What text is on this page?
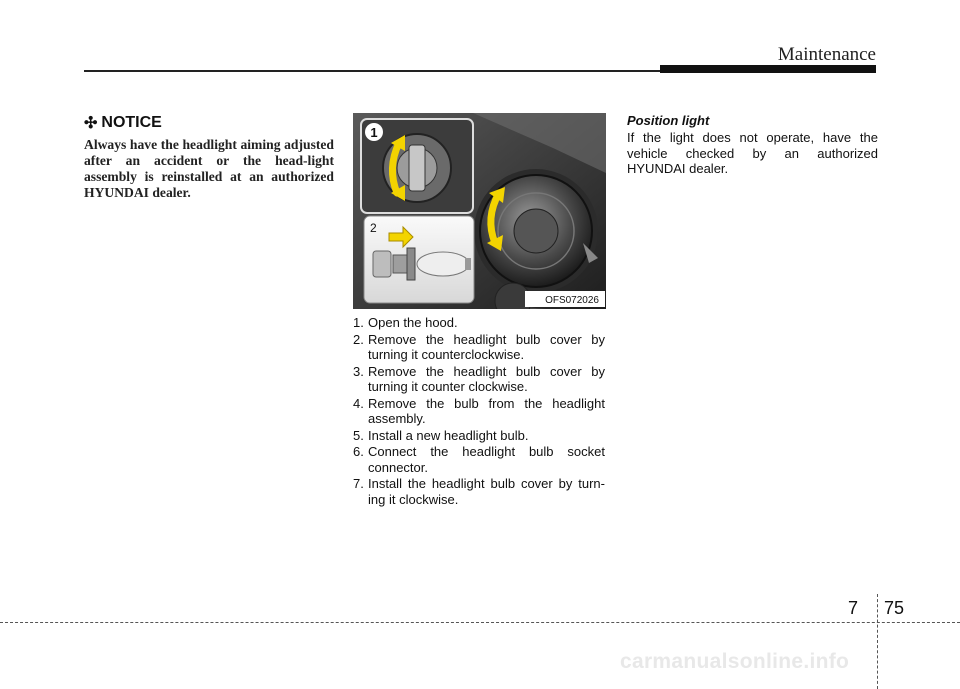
Maintenance
✣ NOTICE
Always have the headlight aiming adjusted after an accident or the head-light assembly is reinstalled at an authorized HYUNDAI dealer.
1
2
OFS072026
1. Open the hood.
2. Remove the headlight bulb cover by turning it counterclockwise.
3. Remove the headlight bulb cover by turning it counter clockwise.
4. Remove the bulb from the headlight assembly.
5. Install a new headlight bulb.
6. Connect the headlight bulb socket connector.
7. Install the headlight bulb cover by turn-ing it clockwise.
Position light
If the light does not operate, have the vehicle checked by an authorized HYUNDAI dealer.
7 75
carmanualsonline.info
